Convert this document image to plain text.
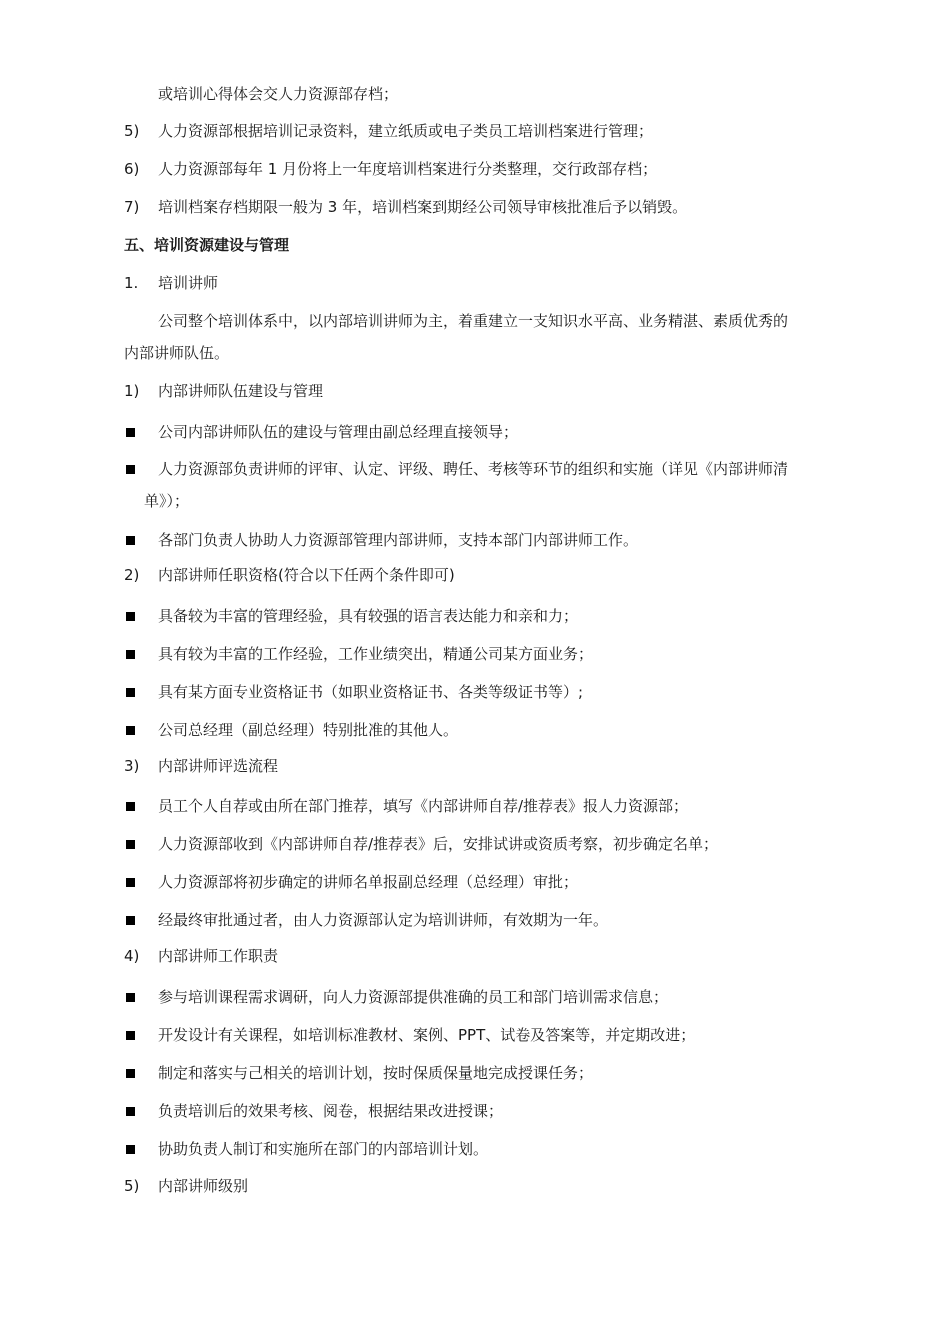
或培训心得体会交人力资源部存档；
5) 人力资源部根据培训记录资料，建立纸质或电子类员工培训档案进行管理；
6) 人力资源部每年 1 月份将上一年度培训档案进行分类整理，交行政部存档；
7) 培训档案存档期限一般为 3 年，培训档案到期经公司领导审核批准后予以销毁。
五、培训资源建设与管理
1. 培训讲师
公司整个培训体系中，以内部培训讲师为主，着重建立一支知识水平高、业务精湛、素质优秀的
内部讲师队伍。
1) 内部讲师队伍建设与管理
公司内部讲师队伍的建设与管理由副总经理直接领导；
人力资源部负责讲师的评审、认定、评级、聘任、考核等环节的组织和实施（详见《内部讲师清
单》）；
各部门负责人协助人力资源部管理内部讲师，支持本部门内部讲师工作。
2) 内部讲师任职资格(符合以下任两个条件即可)
具备较为丰富的管理经验，具有较强的语言表达能力和亲和力；
具有较为丰富的工作经验，工作业绩突出，精通公司某方面业务；
具有某方面专业资格证书（如职业资格证书、各类等级证书等）;
公司总经理（副总经理）特别批准的其他人。
3) 内部讲师评选流程
员工个人自荐或由所在部门推荐，填写《内部讲师自荐/推荐表》报人力资源部；
人力资源部收到《内部讲师自荐/推荐表》后，安排试讲或资质考察，初步确定名单；
人力资源部将初步确定的讲师名单报副总经理（总经理）审批；
经最终审批通过者，由人力资源部认定为培训讲师，有效期为一年。
4) 内部讲师工作职责
参与培训课程需求调研，向人力资源部提供准确的员工和部门培训需求信息；
开发设计有关课程，如培训标准教材、案例、PPT、试卷及答案等，并定期改进；
制定和落实与己相关的培训计划，按时保质保量地完成授课任务；
负责培训后的效果考核、阅卷，根据结果改进授课；
协助负责人制订和实施所在部门的内部培训计划。
5) 内部讲师级别
